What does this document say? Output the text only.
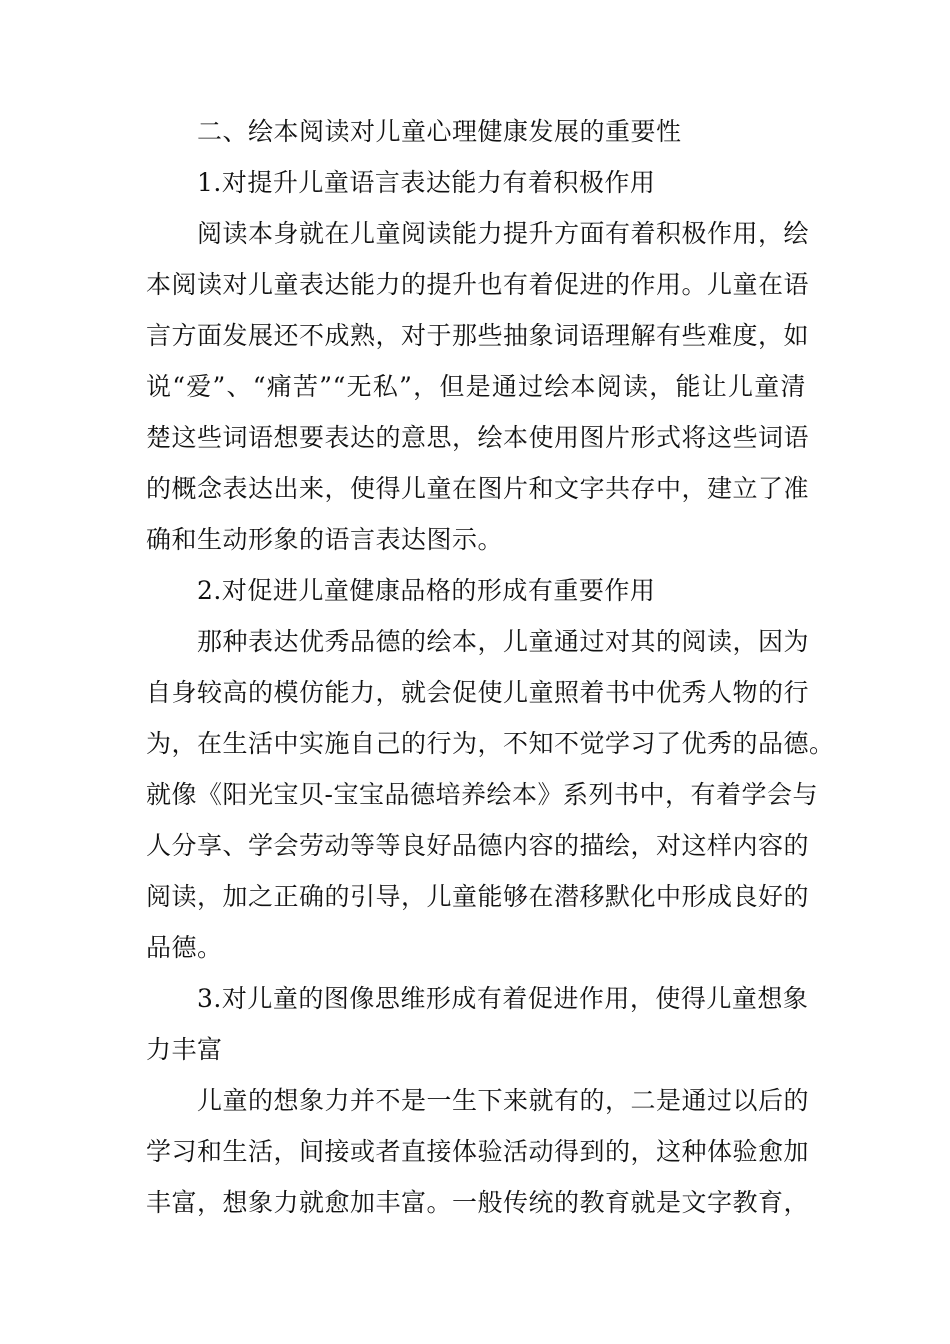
二、绘本阅读对儿童心理健康发展的重要性
1.对提升儿童语言表达能力有着积极作用
阅读本身就在儿童阅读能力提升方面有着积极作用，绘
本阅读对儿童表达能力的提升也有着促进的作用。儿童在语
言方面发展还不成熟，对于那些抽象词语理解有些难度，如
说“爱”、“痛苦”“无私”，但是通过绘本阅读，能让儿童清
楚这些词语想要表达的意思，绘本使用图片形式将这些词语
的概念表达出来，使得儿童在图片和文字共存中，建立了准
确和生动形象的语言表达图示。
2.对促进儿童健康品格的形成有重要作用
那种表达优秀品德的绘本，儿童通过对其的阅读，因为
自身较高的模仿能力，就会促使儿童照着书中优秀人物的行
为，在生活中实施自己的行为，不知不觉学习了优秀的品德。
就像《阳光宝贝-宝宝品德培养绘本》系列书中，有着学会与
人分享、学会劳动等等良好品德内容的描绘，对这样内容的
阅读，加之正确的引导，儿童能够在潜移默化中形成良好的
品德。
3.对儿童的图像思维形成有着促进作用，使得儿童想象
力丰富
儿童的想象力并不是一生下来就有的，二是通过以后的
学习和生活，间接或者直接体验活动得到的，这种体验愈加
丰富，想象力就愈加丰富。一般传统的教育就是文字教育，
